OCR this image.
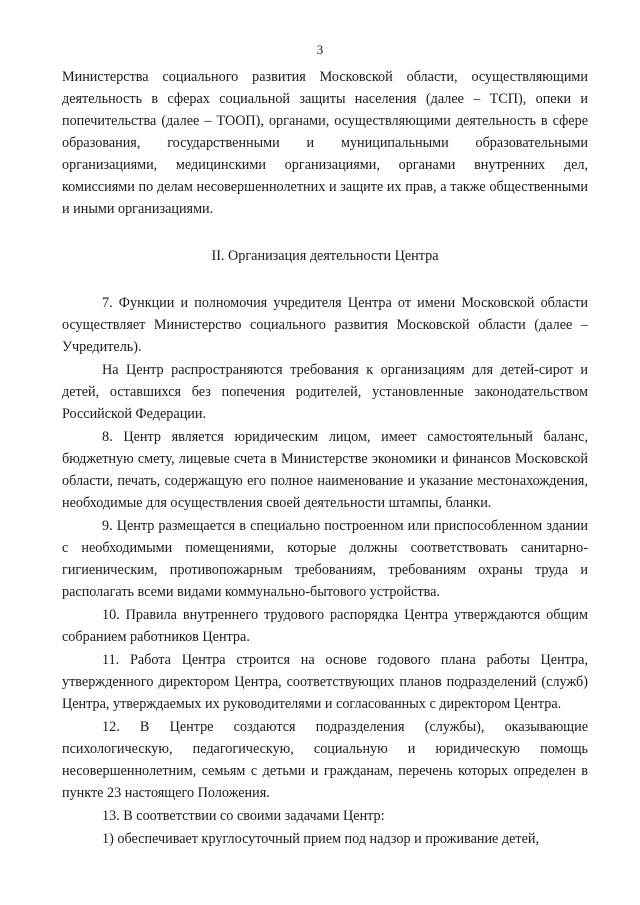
3

Министерства социального развития Московской области, осуществляющими деятельность в сферах социальной защиты населения (далее – ТСП), опеки и попечительства (далее – ТООП), органами, осуществляющими деятельность в сфере образования, государственными и муниципальными образовательными организациями, медицинскими организациями, органами внутренних дел, комиссиями по делам несовершеннолетних и защите их прав, а также общественными и иными организациями.

II. Организация деятельности Центра

7. Функции и полномочия учредителя Центра от имени Московской области осуществляет Министерство социального развития Московской области (далее – Учредитель).

На Центр распространяются требования к организациям для детей-сирот и детей, оставшихся без попечения родителей, установленные законодательством Российской Федерации.

8. Центр является юридическим лицом, имеет самостоятельный баланс, бюджетную смету, лицевые счета в Министерстве экономики и финансов Московской области, печать, содержащую его полное наименование и указание местонахождения, необходимые для осуществления своей деятельности штампы, бланки.

9. Центр размещается в специально построенном или приспособленном здании с необходимыми помещениями, которые должны соответствовать санитарно-гигиеническим, противопожарным требованиям, требованиям охраны труда и располагать всеми видами коммунально-бытового устройства.

10. Правила внутреннего трудового распорядка Центра утверждаются общим собранием работников Центра.

11. Работа Центра строится на основе годового плана работы Центра, утвержденного директором Центра, соответствующих планов подразделений (служб) Центра, утверждаемых их руководителями и согласованных с директором Центра.

12. В Центре создаются подразделения (службы), оказывающие психологическую, педагогическую, социальную и юридическую помощь несовершеннолетним, семьям с детьми и гражданам, перечень которых определен в пункте 23 настоящего Положения.

13. В соответствии со своими задачами Центр:

1) обеспечивает круглосуточный прием под надзор и проживание детей,
